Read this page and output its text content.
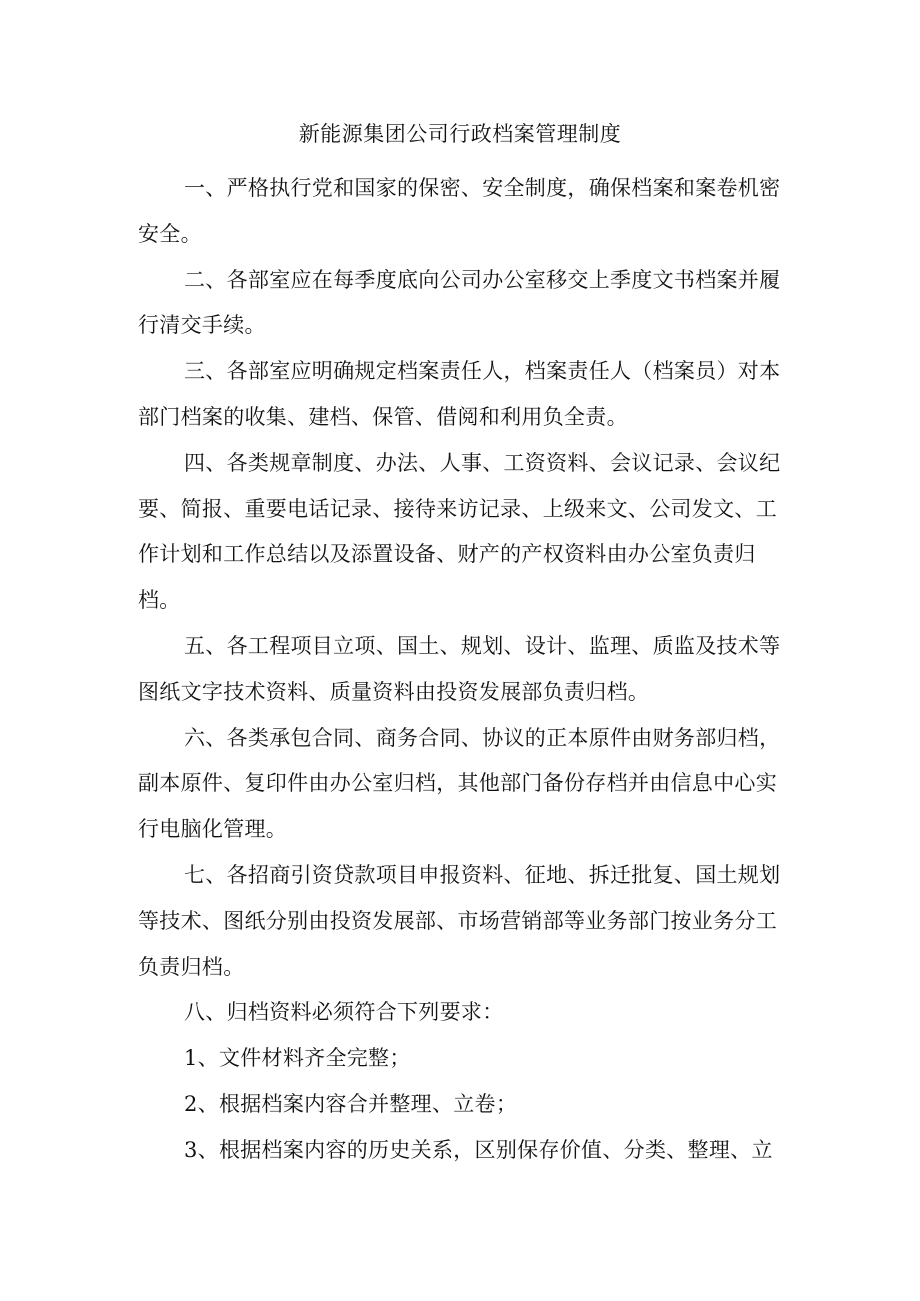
新能源集团公司行政档案管理制度

一、严格执行党和国家的保密、安全制度，确保档案和案卷机密安全。

二、各部室应在每季度底向公司办公室移交上季度文书档案并履行清交手续。

三、各部室应明确规定档案责任人，档案责任人（档案员）对本部门档案的收集、建档、保管、借阅和利用负全责。

四、各类规章制度、办法、人事、工资资料、会议记录、会议纪要、简报、重要电话记录、接待来访记录、上级来文、公司发文、工作计划和工作总结以及添置设备、财产的产权资料由办公室负责归档。

五、各工程项目立项、国土、规划、设计、监理、质监及技术等图纸文字技术资料、质量资料由投资发展部负责归档。

六、各类承包合同、商务合同、协议的正本原件由财务部归档，副本原件、复印件由办公室归档，其他部门备份存档并由信息中心实行电脑化管理。

七、各招商引资贷款项目申报资料、征地、拆迁批复、国土规划等技术、图纸分别由投资发展部、市场营销部等业务部门按业务分工负责归档。

八、归档资料必须符合下列要求：

1、文件材料齐全完整；

2、根据档案内容合并整理、立卷；

3、根据档案内容的历史关系，区别保存价值、分类、整理、立
